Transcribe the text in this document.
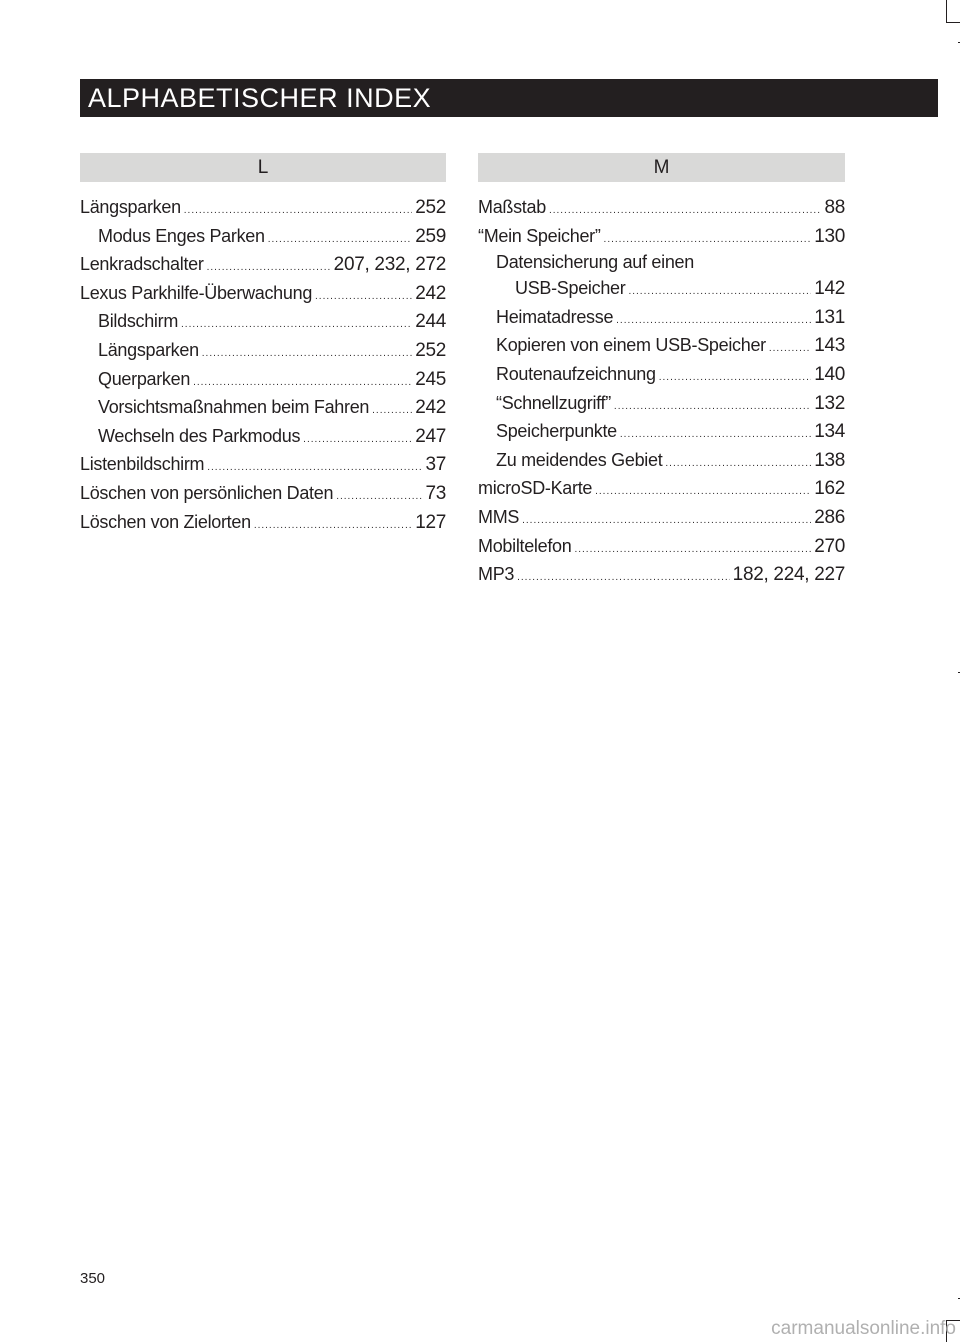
ALPHABETISCHER INDEX
L	M
Längsparken .....	252
Modus Enges Parken .....	259
Lenkradschalter .....	207, 232, 272
Lexus Parkhilfe-Überwachung .....	242
Bildschirm .....	244
Längsparken .....	252
Querparken .....	245
Vorsichtsmaßnahmen beim Fahren ..... 242
Wechseln des Parkmodus .....	247
Listenbildschirm .....	37
Löschen von persönlichen Daten .....	73
Löschen von Zielorten .....	127
Maßstab .....	88
“Mein Speicher” .....	130
Datensicherung auf einen
USB-Speicher .....	142
Heimatadresse .....	131
Kopieren von einem USB-Speicher .....	143
Routenaufzeichnung .....	140
“Schnellzugriff” .....	132
Speicherpunkte .....	134
Zu meidendes Gebiet .....	138
microSD-Karte .....	162
MMS .....	286
Mobiltelefon .....	270
MP3 .....	182, 224, 227
350
carmanualsonline.info
